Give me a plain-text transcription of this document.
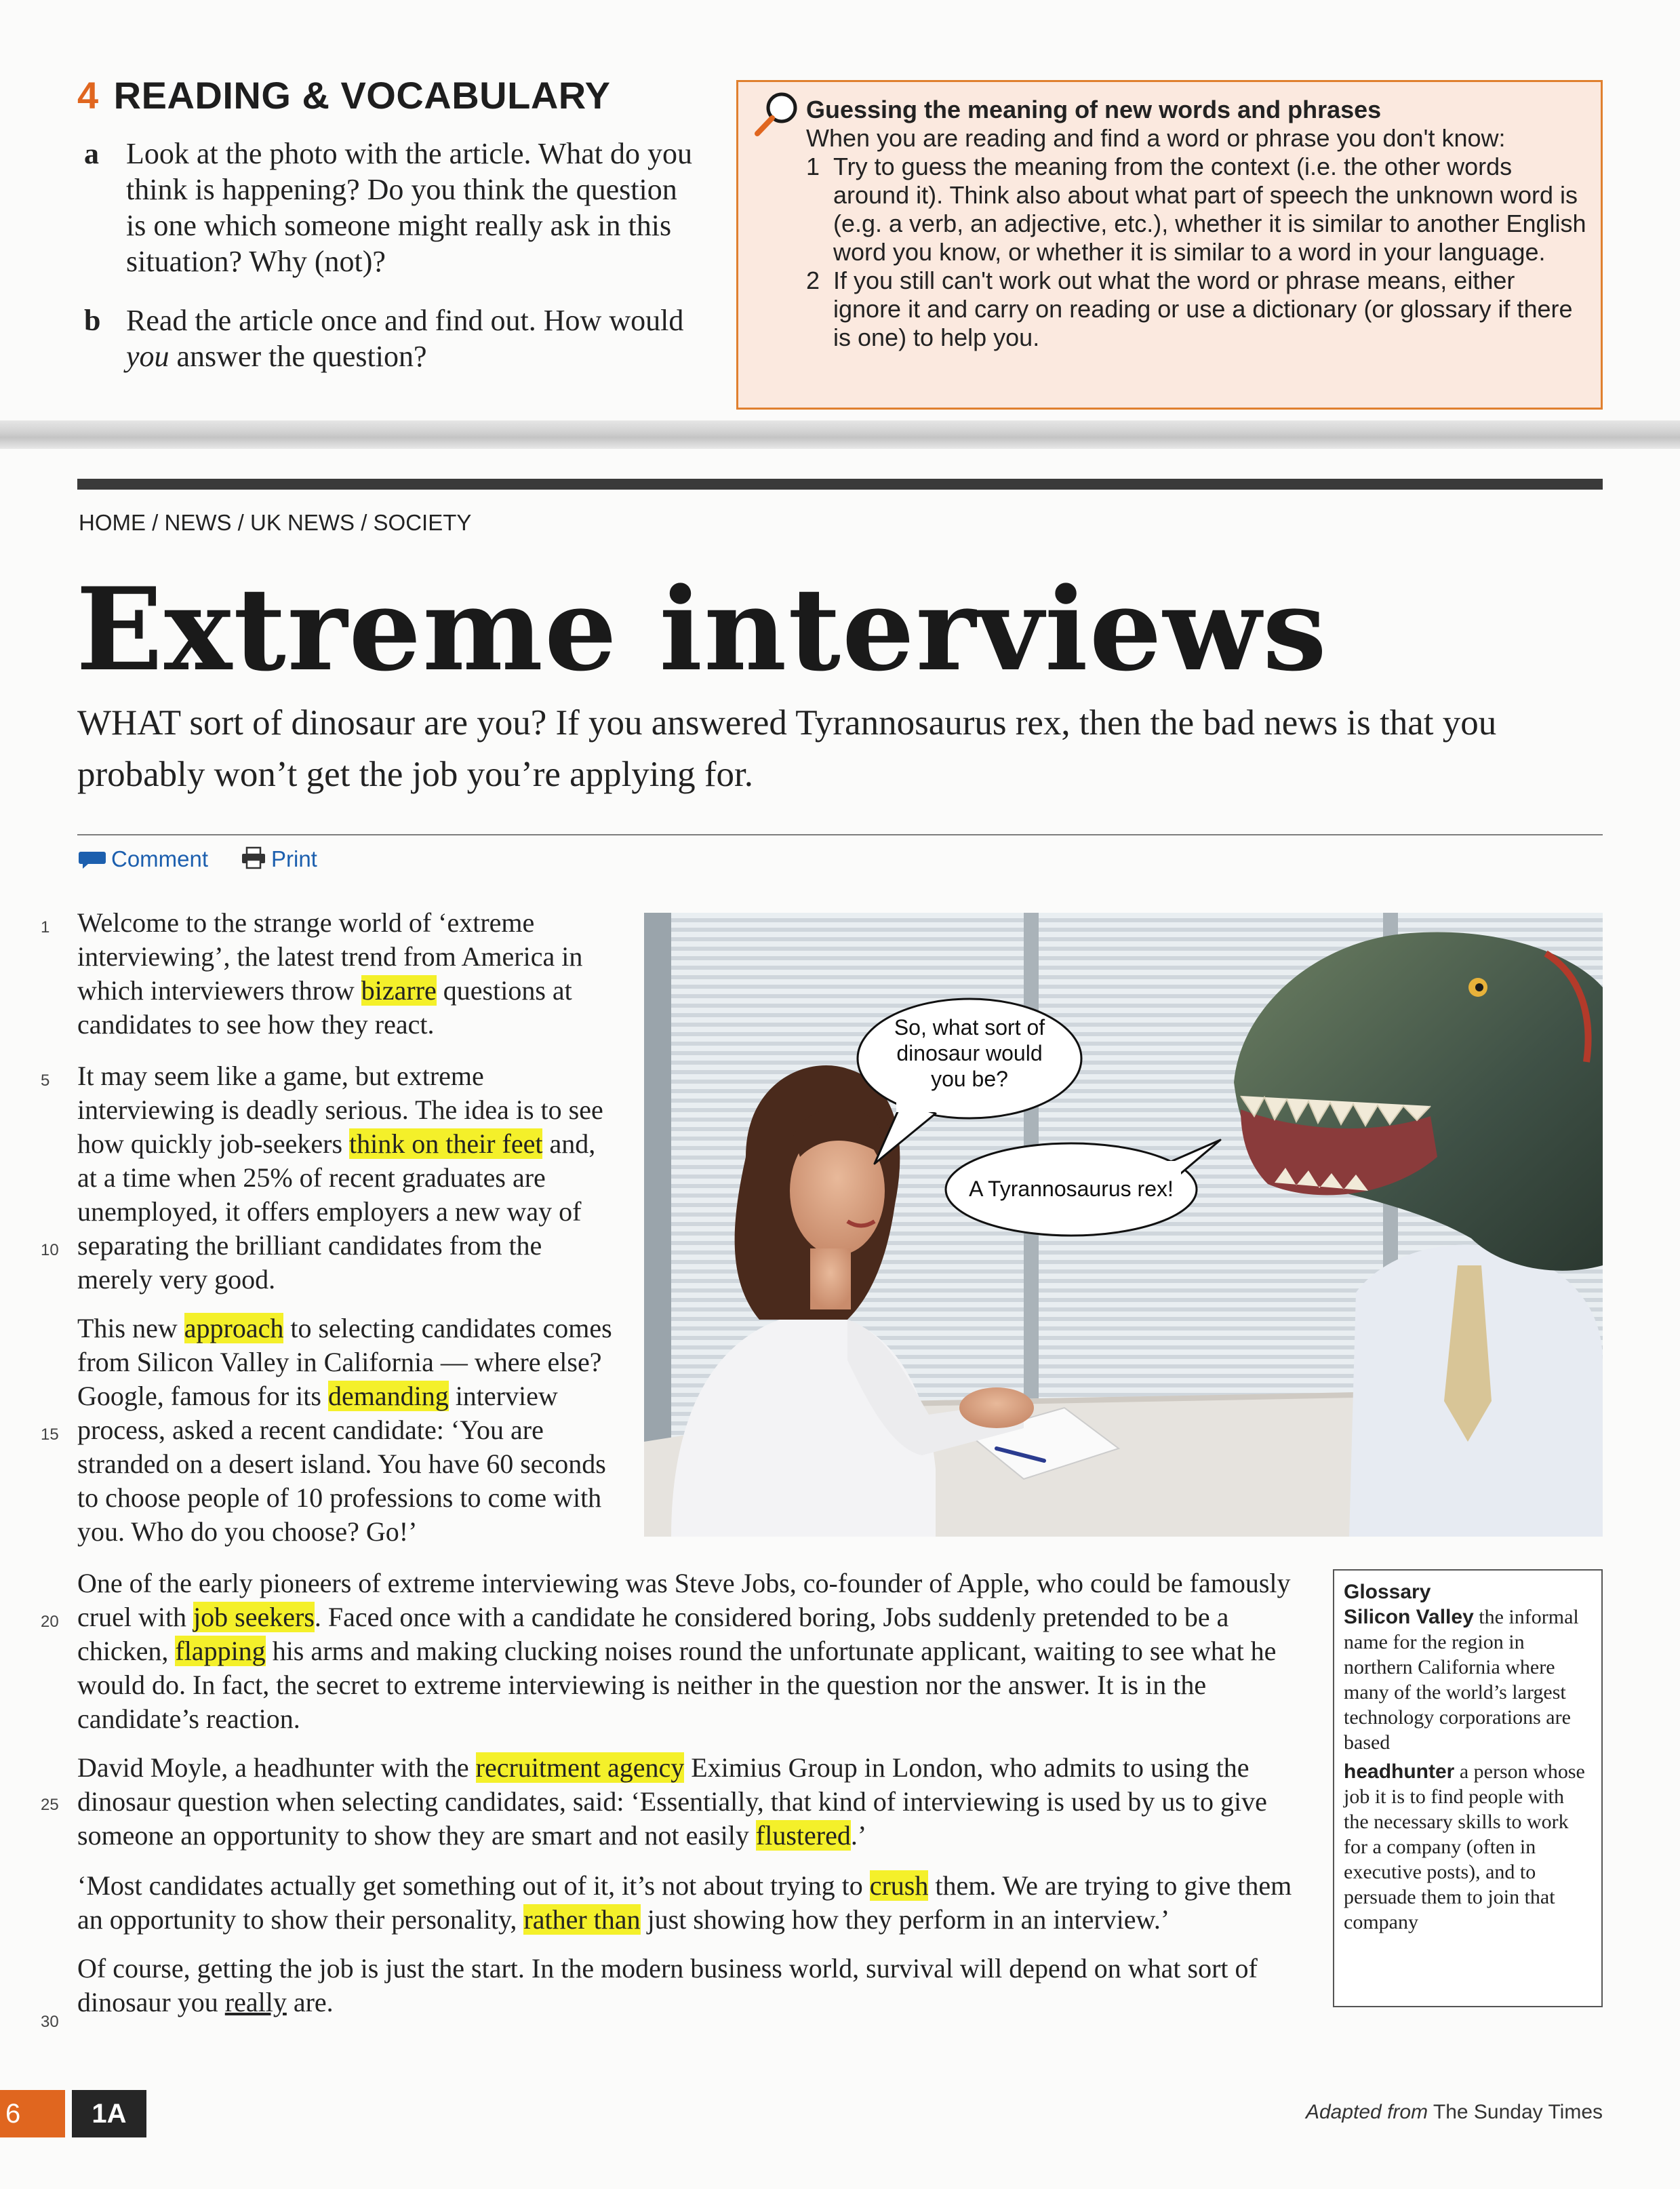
4 READING & VOCABULARY
a Look at the photo with the article. What do you think is happening? Do you think the question is one which someone might really ask in this situation? Why (not)?
b Read the article once and find out. How would you answer the question?
Guessing the meaning of new words and phrases
When you are reading and find a word or phrase you don't know:
1 Try to guess the meaning from the context (i.e. the other words around it). Think also about what part of speech the unknown word is (e.g. a verb, an adjective, etc.), whether it is similar to another English word you know, or whether it is similar to a word in your language.
2 If you still can't work out what the word or phrase means, either ignore it and carry on reading or use a dictionary (or glossary if there is one) to help you.
HOME / NEWS / UK NEWS / SOCIETY
Extreme interviews
WHAT sort of dinosaur are you? If you answered Tyrannosaurus rex, then the bad news is that you probably won’t get the job you’re applying for.
Comment	Print
1
5
10
15
20
25
30
Welcome to the strange world of ‘extreme interviewing’, the latest trend from America in which interviewers throw bizarre questions at candidates to see how they react.
It may seem like a game, but extreme interviewing is deadly serious. The idea is to see how quickly job-seekers think on their feet and, at a time when 25% of recent graduates are unemployed, it offers employers a new way of separating the brilliant candidates from the merely very good.
This new approach to selecting candidates comes from Silicon Valley in California — where else? Google, famous for its demanding interview process, asked a recent candidate: ‘You are stranded on a desert island. You have 60 seconds to choose people of 10 professions to come with you. Who do you choose? Go!’
One of the early pioneers of extreme interviewing was Steve Jobs, co-founder of Apple, who could be famously cruel with job seekers. Faced once with a candidate he considered boring, Jobs suddenly pretended to be a chicken, flapping his arms and making clucking noises round the unfortunate applicant, waiting to see what he would do. In fact, the secret to extreme interviewing is neither in the question nor the answer. It is in the candidate’s reaction.
David Moyle, a headhunter with the recruitment agency Eximius Group in London, who admits to using the dinosaur question when selecting candidates, said: ‘Essentially, that kind of interviewing is used by us to give someone an opportunity to show they are smart and not easily flustered.’
‘Most candidates actually get something out of it, it’s not about trying to crush them. We are trying to give them an opportunity to show their personality, rather than just showing how they perform in an interview.’
Of course, getting the job is just the start. In the modern business world, survival will depend on what sort of dinosaur you really are.
So, what sort of dinosaur would you be?
A Tyrannosaurus rex!
Glossary
Silicon Valley the informal name for the region in northern California where many of the world’s largest technology corporations are based
headhunter a person whose job it is to find people with the necessary skills to work for a company (often in executive posts), and to persuade them to join that company
6	1A	Adapted from The Sunday Times
